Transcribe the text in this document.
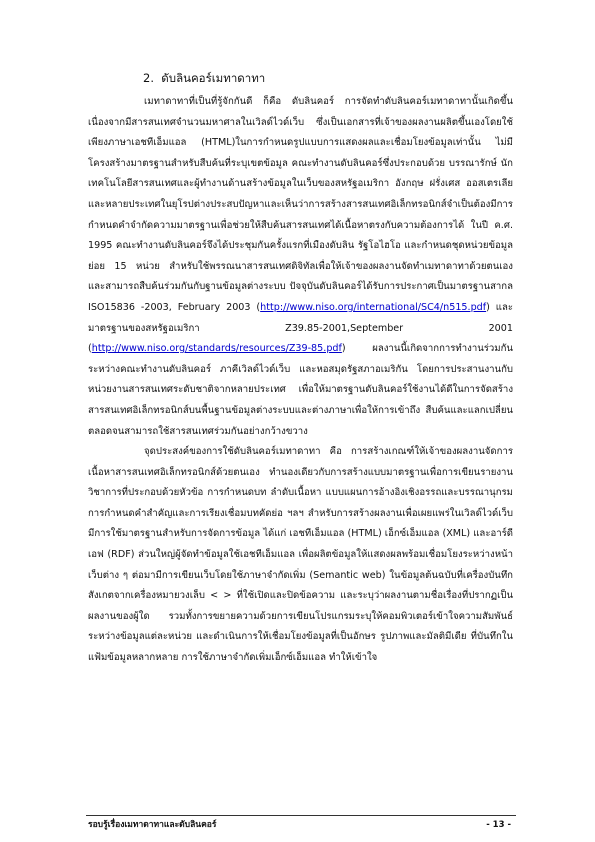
2. ดับลินคอร์เมทาดาทา

เมทาดาทาที่เป็นที่รู้จักกันดี ก็คือ ดับลินคอร์ การจัดทำดับลินคอร์เมทาดาทานั้นเกิดขึ้นเนื่องจากมีสารสนเทศจำนวนมหาศาลในเวิลด์ไวด์เว็บ ซึ่งเป็นเอกสารที่เจ้าของผลงานผลิตขึ้นเองโดยใช้เพียงภาษาเอชทีเอ็มแอล (HTML)ในการกำหนดรูปแบบการแสดงผลและเชื่อมโยงข้อมูลเท่านั้น ไม่มีโครงสร้างมาตรฐานสำหรับสืบค้นที่ระบุเขตข้อมูล คณะทำงานดับลินคอร์ซึ่งประกอบด้วย บรรณารักษ์ นักเทคโนโลยีสารสนเทศและผู้ทำงานด้านสร้างข้อมูลในเว็บของสหรัฐอเมริกา อังกฤษ ฝรั่งเศส ออสเตรเลีย และหลายประเทศในยุโรปต่างประสบปัญหาและเห็นว่าการสร้างสารสนเทศอิเล็กทรอนิกส์จำเป็นต้องมีการกำหนดคำจำกัดความมาตรฐานเพื่อช่วยให้สืบค้นสารสนเทศได้เนื้อหาตรงกับความต้องการได้ ในปี ค.ศ. 1995 คณะทำงานดับลินคอร์จึงได้ประชุมกันครั้งแรกที่เมืองดับลิน รัฐโอไฮโอ และกำหนดชุดหน่วยข้อมูลย่อย 15 หน่วย สำหรับใช้พรรณนาสารสนเทศดิจิทัลเพื่อให้เจ้าของผลงานจัดทำเมทาดาทาด้วยตนเอง และสามารถสืบค้นร่วมกันกับฐานข้อมูลต่างระบบ ปัจจุบันดับลินคอร์ได้รับการประกาศเป็นมาตรฐานสากล ISO15836 -2003, February 2003 (http://www.niso.org/international/SC4/n515.pdf) และมาตรฐานของสหรัฐอเมริกา Z39.85-2001,September 2001 (http://www.niso.org/standards/resources/Z39-85.pdf) ผลงานนี้เกิดจากการทำงานร่วมกันระหว่างคณะทำงานดับลินคอร์ ภาคีเวิลด์ไวด์เว็บ และหอสมุดรัฐสภาอเมริกัน โดยการประสานงานกับหน่วยงานสารสนเทศระดับชาติจากหลายประเทศ เพื่อให้มาตรฐานดับลินคอร์ใช้งานได้ดีในการจัดสร้างสารสนเทศอิเล็กทรอนิกส์บนพื้นฐานข้อมูลต่างระบบและต่างภาษาเพื่อให้การเข้าถึง สืบค้นและแลกเปลี่ยน ตลอดจนสามารถใช้สารสนเทศร่วมกันอย่างกว้างขวาง

จุดประสงค์ของการใช้ดับลินคอร์เมทาดาทา คือ การสร้างเกณฑ์ให้เจ้าของผลงานจัดการเนื้อหาสารสนเทศอิเล็กทรอนิกส์ด้วยตนเอง ทำนองเดียวกับการสร้างแบบมาตรฐานเพื่อการเขียนรายงานวิชาการที่ประกอบด้วยหัวข้อ การกำหนดบท ลำดับเนื้อหา แบบแผนการอ้างอิงเชิงอรรถและบรรณานุกรม การกำหนดคำสำคัญและการเรียงเชื่อมบทคัดย่อ ฯลฯ สำหรับการสร้างผลงานเพื่อเผยแพร่ในเวิลด์ไวด์เว็บมีการใช้มาตรฐานสำหรับการจัดการข้อมูล ได้แก่ เอชทีเอ็มแอล (HTML) เอ็กซ์เอ็มแอล (XML) และอาร์ดีเอฟ (RDF) ส่วนใหญ่ผู้จัดทำข้อมูลใช้เอชทีเอ็มแอล เพื่อผลิตข้อมูลให้แสดงผลพร้อมเชื่อมโยงระหว่างหน้าเว็บต่าง ๆ ต่อมามีการเขียนเว็บโดยใช้ภาษาจำกัดเพิ่ม (Semantic web) ในข้อมูลต้นฉบับที่เครื่องบันทึก สังเกตจากเครื่องหมายวงเล็บ < > ที่ใช้เปิดและปิดข้อความ และระบุว่าผลงานตามชื่อเรื่องที่ปรากฏเป็นผลงานของผู้ใด รวมทั้งการขยายความด้วยการเขียนโปรแกรมระบุให้คอมพิวเตอร์เข้าใจความสัมพันธ์ระหว่างข้อมูลแต่ละหน่วย และดำเนินการให้เชื่อมโยงข้อมูลที่เป็นอักษร รูปภาพและมัลติมีเดีย ที่บันทึกในแฟ้มข้อมูลหลากหลาย การใช้ภาษาจำกัดเพิ่มเอ็กซ์เอ็มแอล ทำให้เข้าใจ

รอบรู้เรื่องเมทาดาทาและดับลินคอร์	- 13 -
